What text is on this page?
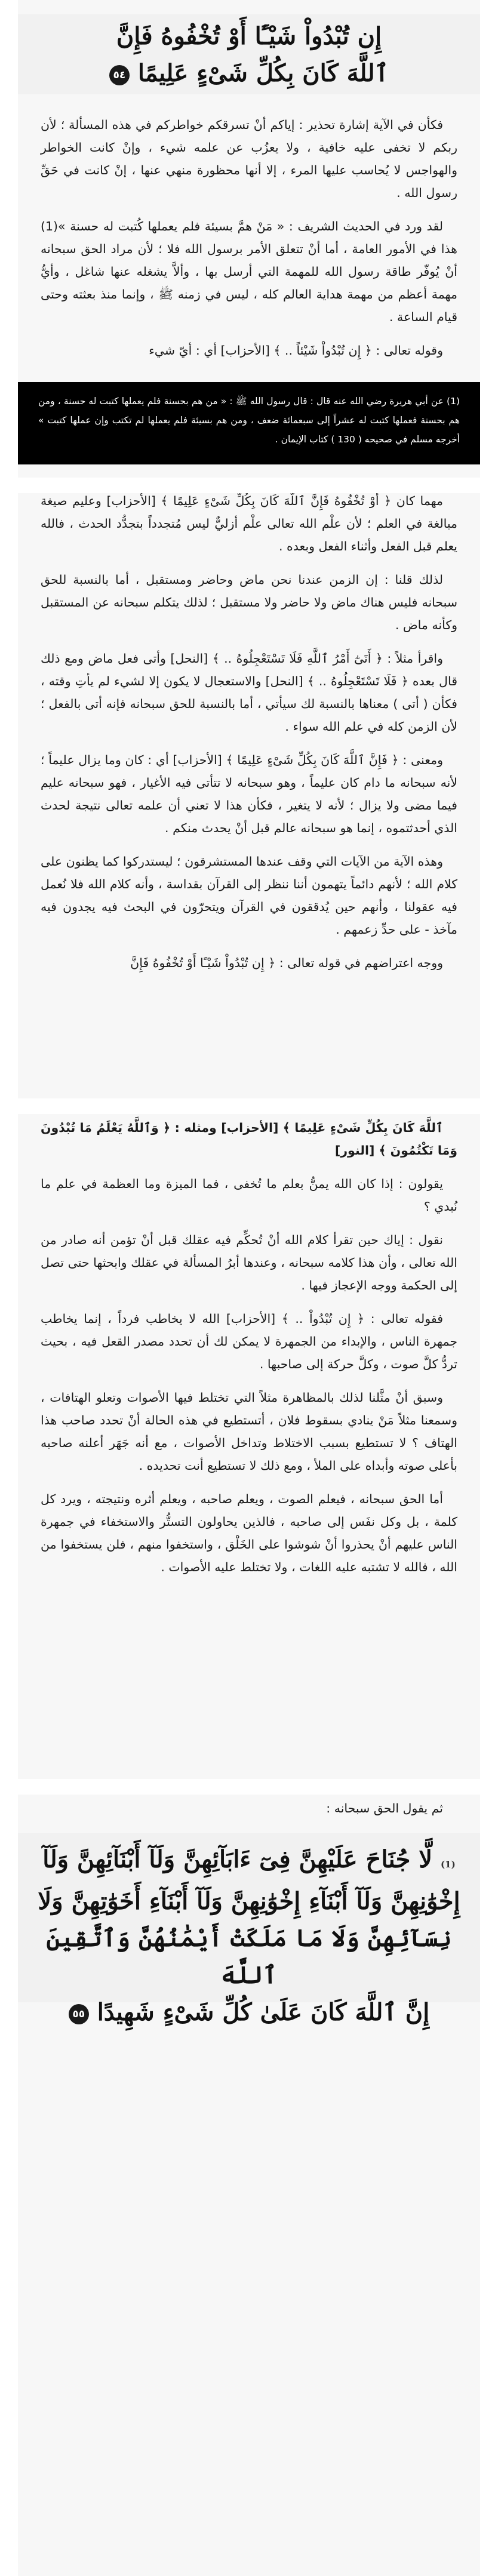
إِن تُبْدُواْ شَيْـًٔا أَوْ تُخْفُوهُ فَإِنَّ
ٱللَّهَ كَانَ بِكُلِّ شَىْءٍ عَلِيمًا ٥٤

فكأن في الآية إشارة تحذير : إياكم أنْ تسرقكم خواطركم في هذه المسألة ؛ لأن ربكم لا تخفى عليه خافية ، ولا يعزُب عن علمه شيء ، وإنْ كانت الخواطر والهواجس لا يُحاسب عليها المرء ، إلا أنها محظورة منهي عنها ، إنْ كانت في حَقِّ رسول الله .

لقد ورد في الحديث الشريف : « مَنْ همَّ بسيئة فلم يعملها كُتبت له حسنة »(1) هذا في الأمور العامة ، أما أنْ تتعلق الأمر برسول الله فلا ؛ لأن مراد الحق سبحانه أنْ يُوفّر طاقة رسول الله للمهمة التي أرسل بها ، وألاَّ يشغله عنها شاغل ، وأيُّ مهمة أعظم من مهمة هداية العالم كله ، ليس في زمنه ﷺ ، وإنما منذ بعثته وحتى قيام الساعة .

وقوله تعالى : ﴿ إِن تُبْدُواْ شَيْئاً .. ﴾ [الأحزاب] أي : أيّ شيء

(1) عن أبي هريرة رضي الله عنه قال : قال رسول الله ﷺ : « من هم بحسنة فلم يعملها كتبت له حسنة ، ومن هم بحسنة فعملها كتبت له عشراً إلى سبعمائة ضعف ، ومن هم بسيئة فلم يعملها لم تكتب وإن عملها كتبت » أخرجه مسلم في صحيحه ( 130 ) كتاب الإيمان .

مهما كان ﴿ أَوْ تُخْفُوهُ فَإِنَّ ٱللَّهَ كَانَ بِكُلِّ شَىْءٍ عَلِيمًا ﴾ [الأحزاب] وعليم صيغة مبالغة في العلم ؛ لأن علْم الله تعالى علْم أزليٌّ ليس مُتجدداً بتجدُّد الحدث ، فالله يعلم قبل الفعل وأثناء الفعل وبعده .

لذلك قلنا : إن الزمن عندنا نحن ماض وحاضر ومستقبل ، أما بالنسبة للحق سبحانه فليس هناك ماض ولا حاضر ولا مستقبل ؛ لذلك يتكلم سبحانه عن المستقبل وكأنه ماض .

واقرأ مثلاً : ﴿ أَتَىٰٓ أَمْرُ ٱللَّهِ فَلَا تَسْتَعْجِلُوهُ .. ﴾ [النحل] وأتى فعل ماض ومع ذلك قال بعده ﴿ فَلَا تَسْتَعْجِلُوهُ .. ﴾ [النحل] والاستعجال لا يكون إلا لشيء لم يأتِ وقته ، فكأن ( أتى ) معناها بالنسبة لك سيأتي ، أما بالنسبة للحق سبحانه فإنه أتى بالفعل ؛ لأن الزمن كله في علم الله سواء .

ومعنى : ﴿ فَإِنَّ ٱللَّهَ كَانَ بِكُلِّ شَىْءٍ عَلِيمًا ﴾ [الأحزاب] أي : كان وما يزال عليماً ؛ لأنه سبحانه ما دام كان عليماً ، وهو سبحانه لا تتأتى فيه الأغيار ، فهو سبحانه عليم فيما مضى ولا يزال ؛ لأنه لا يتغير ، فكأن هذا لا تعني أن علمه تعالى نتيجة لحدث الذي أحدثتموه ، إنما هو سبحانه عالم قبل أنْ يحدث منكم .

وهذه الآية من الآيات التي وقف عندها المستشرقون ؛ ليستدركوا كما يظنون على كلام الله ؛ لأنهم دائماً يتهمون أننا ننظر إلى القرآن بقداسة ، وأنه كلام الله فلا نُعمل فيه عقولنا ، وأنهم حين يُدققون في القرآن ويتحرّون في البحث فيه يجدون فيه مآخذ - على حدِّ زعمهم .

ووجه اعتراضهم في قوله تعالى : ﴿ إِن تُبْدُواْ شَيْـًٔا أَوْ تُخْفُوهُ فَإِنَّ

ٱللَّهَ كَانَ بِكُلِّ شَىْءٍ عَلِيمًا ﴾ [الأحزاب] ومثله : ﴿ وَٱللَّهُ يَعْلَمُ مَا تُبْدُونَ وَمَا تَكْتُمُونَ ﴾ [النور]

يقولون : إذا كان الله يمنُّ بعلم ما تُخفى ، فما الميزة وما العظمة في علم ما نُبدي ؟

نقول : إياك حين تقرأ كلام الله أنْ تُحكِّم فيه عقلك قبل أنْ تؤمن أنه صادر من الله تعالى ، وأن هذا كلامه سبحانه ، وعندها أبرُ المسألة في عقلك وابحثها حتى تصل إلى الحكمة ووجه الإعجاز فيها .

فقوله تعالى : ﴿ إِن تُبْدُواْ .. ﴾ [الأحزاب] الله لا يخاطب فرداً ، إنما يخاطب جمهرة الناس ، والإبداء من الجمهرة لا يمكن لك أن تحدد مصدر القعل فيه ، بحيث تردُّ كلَّ صوت ، وكلَّ حركة إلى صاحبها .

وسبق أنْ مثَّلنا لذلك بالمظاهرة مثلاً التي تختلط فيها الأصوات وتعلو الهتافات ، وسمعنا مثلاً مَنْ ينادي بسقوط فلان ، أتستطيع في هذه الحالة أنْ تحدد صاحب هذا الهتاف ؟ لا تستطيع بسبب الاختلاط وتداخل الأصوات ، مع أنه جَهَر أعلنه صاحبه بأعلى صوته وأبداه على الملأ ، ومع ذلك لا تستطيع أنت تحديده .

أما الحق سبحانه ، فيعلم الصوت ، ويعلم صاحبه ، ويعلم أثره ونتيجته ، ويرد كل كلمة ، بل وكل نفَس إلى صاحبه ، فالذين يحاولون التستُّر والاستخفاء في جمهرة الناس عليهم أنْ يحذروا أنْ شوشوا على الخَلْق ، واستخفوا منهم ، فلن يستخفوا من الله ، فالله لا تشتبه عليه اللغات ، ولا تختلط عليه الأصوات .

ثم يقول الحق سبحانه :

(1) لَّا جُنَاحَ عَلَيْهِنَّ فِىٓ ءَابَآئِهِنَّ وَلَآ أَبْنَآئِهِنَّ وَلَآ
إِخْوَٰنِهِنَّ وَلَآ أَبْنَآءِ إِخْوَٰنِهِنَّ وَلَآ أَبْنَآءِ أَخَوَٰتِهِنَّ وَلَا
نِسَآئِهِنَّ وَلَا مَا مَلَكَتْ أَيْمَٰنُهُنَّ وَٱتَّقِينَ ٱللَّهَ
إِنَّ ٱللَّهَ كَانَ عَلَىٰ كُلِّ شَىْءٍ شَهِيدًا ٥٥
